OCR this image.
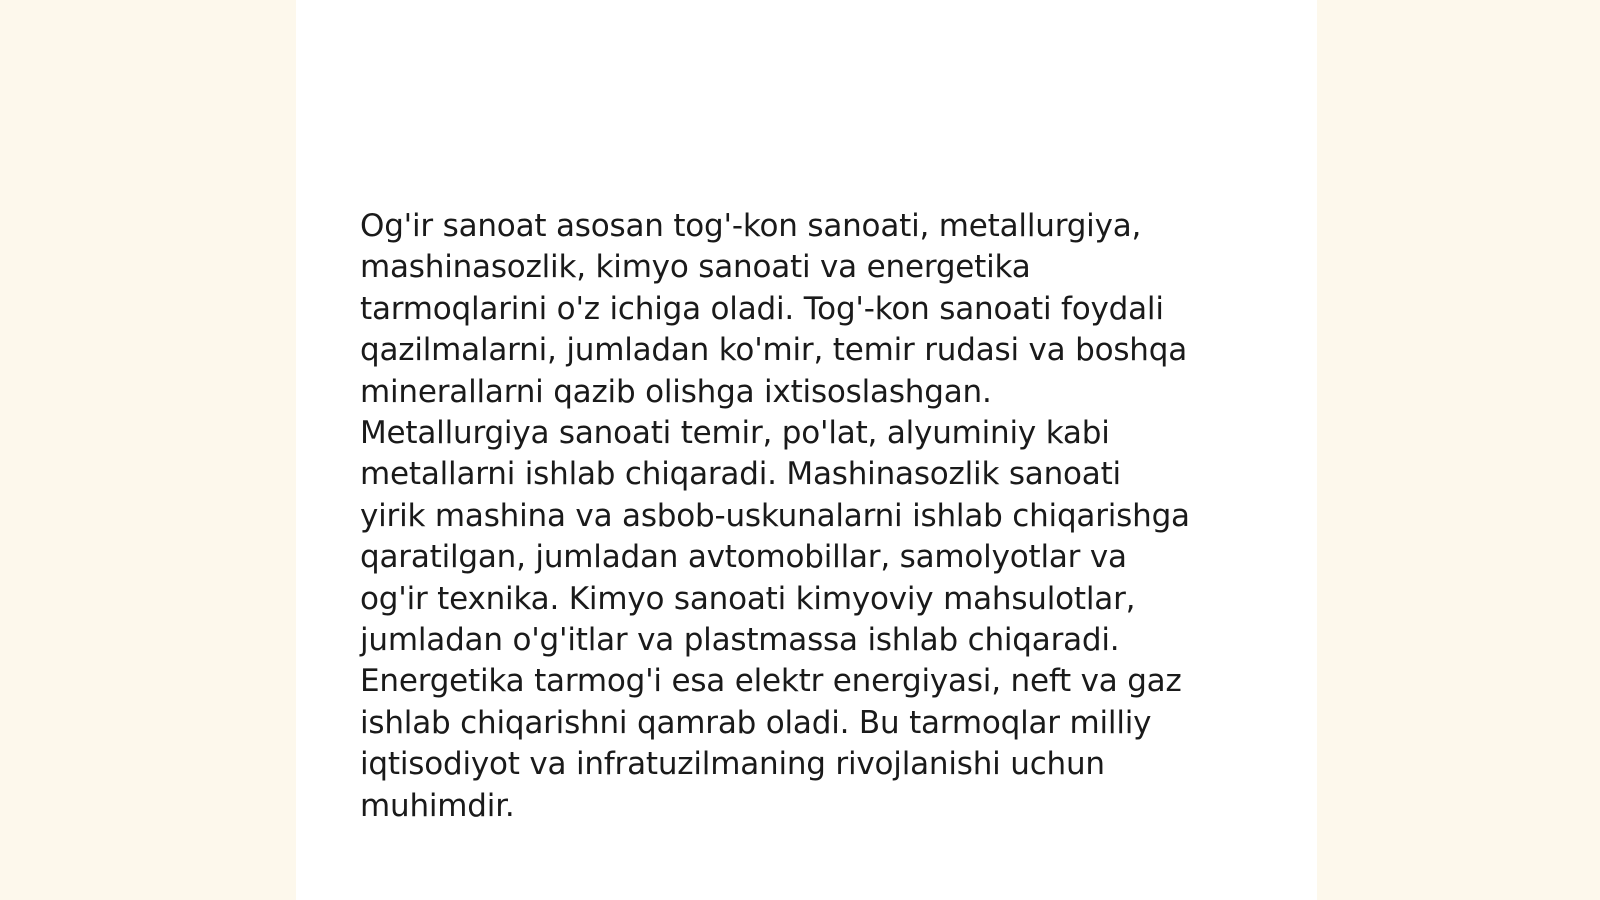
Og'ir sanoat asosan tog'-kon sanoati, metallurgiya,
mashinasozlik, kimyo sanoati va energetika
tarmoqlarini o'z ichiga oladi. Tog'-kon sanoati foydali
qazilmalarni, jumladan ko'mir, temir rudasi va boshqa
minerallarni qazib olishga ixtisoslashgan.
Metallurgiya sanoati temir, po'lat, alyuminiy kabi
metallarni ishlab chiqaradi. Mashinasozlik sanoati
yirik mashina va asbob-uskunalarni ishlab chiqarishga
qaratilgan, jumladan avtomobillar, samolyotlar va
og'ir texnika. Kimyo sanoati kimyoviy mahsulotlar,
jumladan o'g'itlar va plastmassa ishlab chiqaradi.
Energetika tarmog'i esa elektr energiyasi, neft va gaz
ishlab chiqarishni qamrab oladi. Bu tarmoqlar milliy
iqtisodiyot va infratuzilmaning rivojlanishi uchun
muhimdir.
